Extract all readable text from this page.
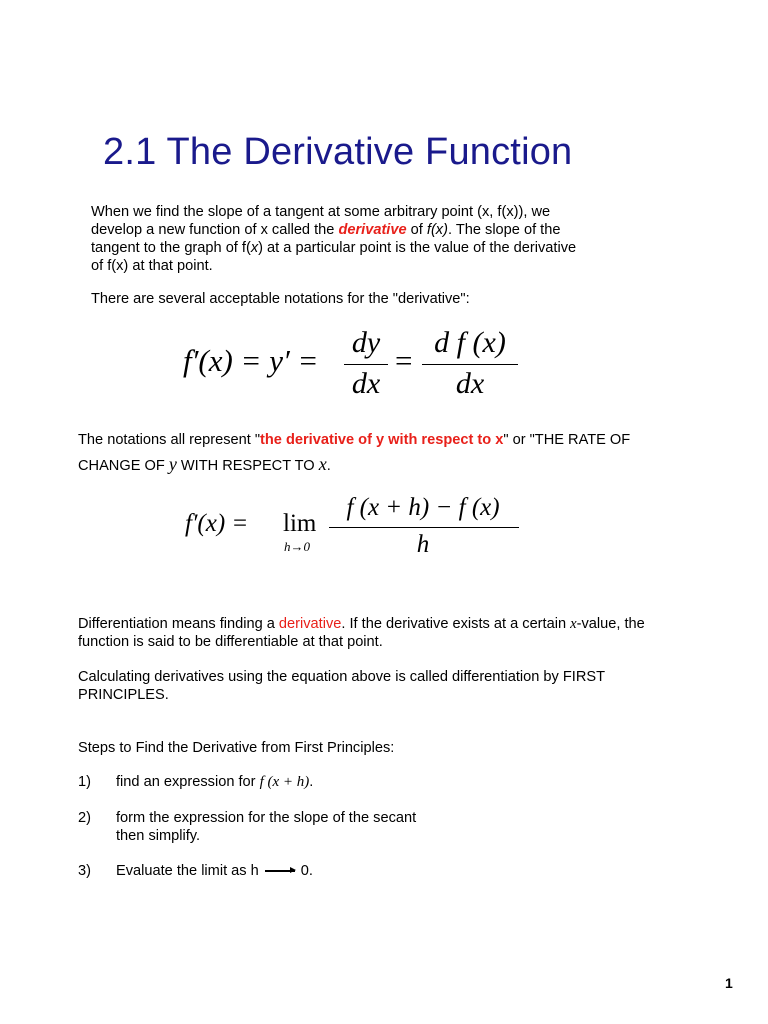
2.1 The Derivative Function
When we find the slope of a tangent at some arbitrary point (x, f(x)), we
develop a new function of x called the derivative of f(x). The slope of the
tangent to the graph of f(x) at a particular point is the value of the derivative
of f(x) at that point.
There are several acceptable notations for the "derivative":
f′(x) = y′ =
dy
dx
=
d f (x)
dx
The notations all represent "the derivative of y with respect to x" or "THE RATE OF
CHANGE OF y WITH RESPECT TO x.
f′(x) = lim
h→0
f (x + h) − f (x)
h
Differentiation means finding a derivative. If the derivative exists at a certain x-value, the
function is said to be differentiable at that point.
Calculating derivatives using the equation above is called differentiation by FIRST
PRINCIPLES.
Steps to Find the Derivative from First Principles:
1) find an expression for f (x + h).
2) form the expression for the slope of the secant
then simplify.
3) Evaluate the limit as h	0.
1
